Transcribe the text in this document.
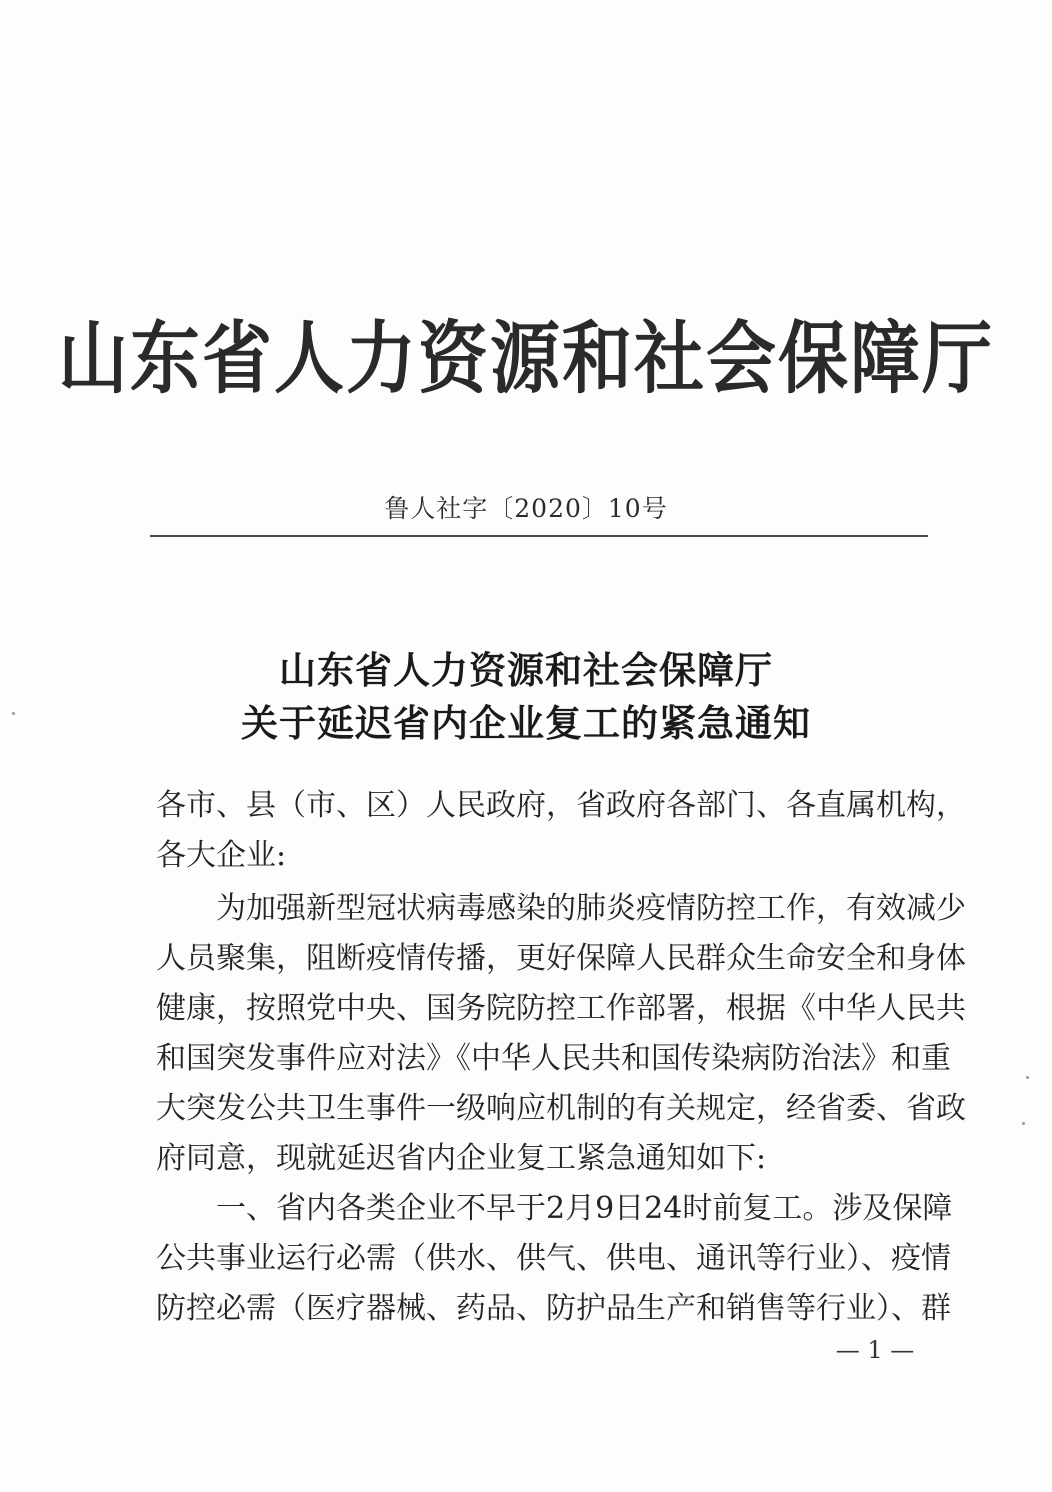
山东省人力资源和社会保障厅
鲁人社字〔2020〕10号
山东省人力资源和社会保障厅
关于延迟省内企业复工的紧急通知
各市、县（市、区）人民政府，省政府各部门、各直属机构，
各大企业:
为加强新型冠状病毒感染的肺炎疫情防控工作，有效减少
人员聚集，阻断疫情传播，更好保障人民群众生命安全和身体
健康，按照党中央、国务院防控工作部署，根据《中华人民共
和国突发事件应对法》《中华人民共和国传染病防治法》和重
大突发公共卫生事件一级响应机制的有关规定，经省委、省政
府同意，现就延迟省内企业复工紧急通知如下:
一、省内各类企业不早于2月9日24时前复工。涉及保障
公共事业运行必需（供水、供气、供电、通讯等行业）、疫情
防控必需（医疗器械、药品、防护品生产和销售等行业）、群
— 1 —
